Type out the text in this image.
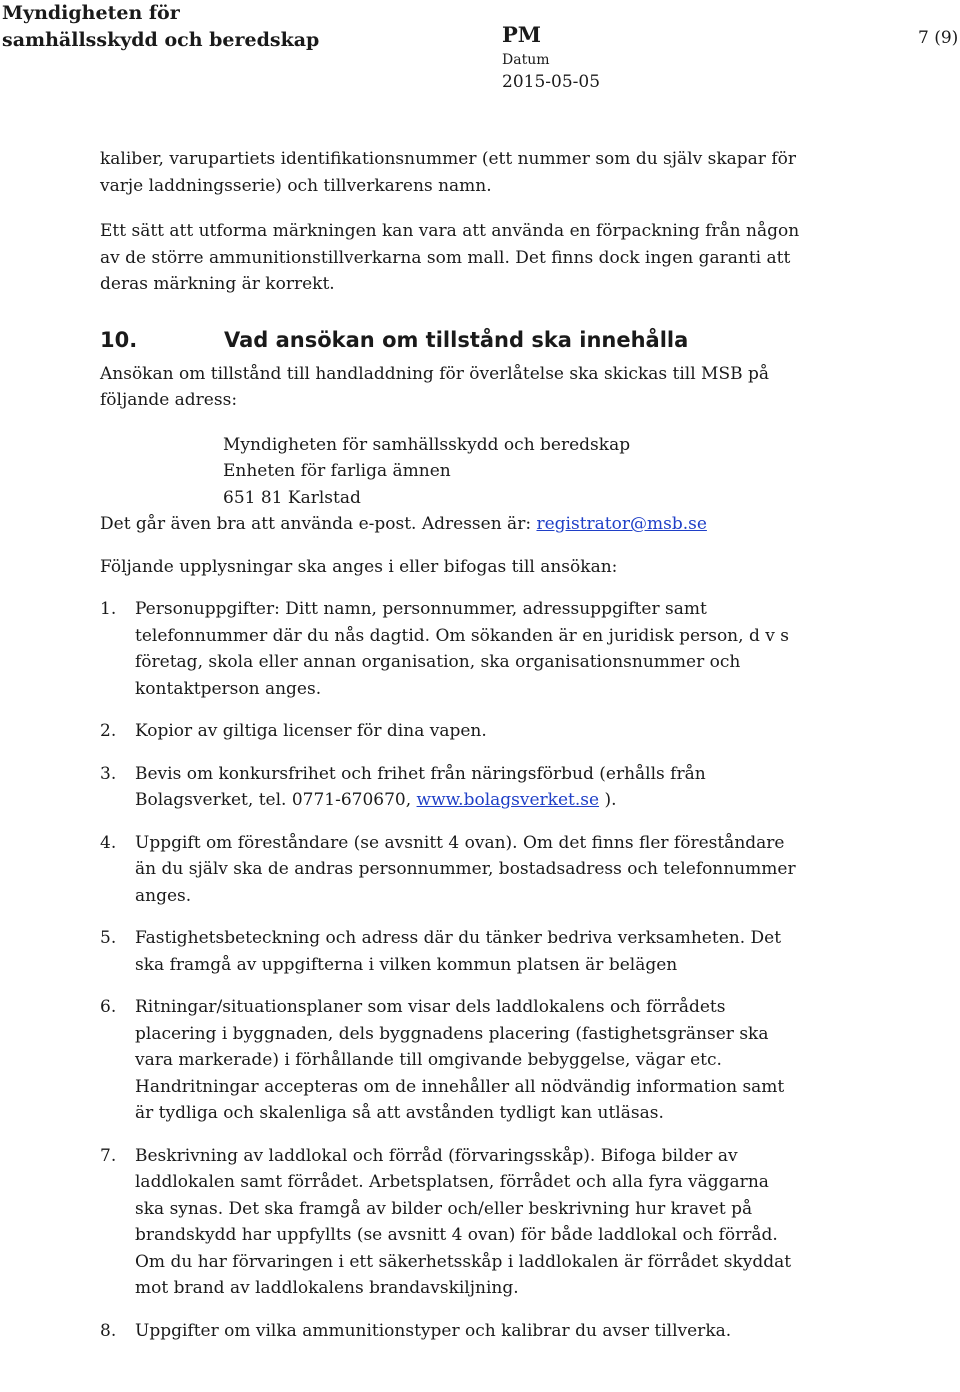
Myndigheten för
samhällsskydd och beredskap	PM
Datum
2015-05-05
7 (9)

kaliber, varupartiets identifikationsnummer (ett nummer som du själv skapar för varje laddningsserie) och tillverkarens namn.

Ett sätt att utforma märkningen kan vara att använda en förpackning från någon av de större ammunitionstillverkarna som mall. Det finns dock ingen garanti att deras märkning är korrekt.

10.	Vad ansökan om tillstånd ska innehålla

Ansökan om tillstånd till handladdning för överlåtelse ska skickas till MSB på följande adress:

Myndigheten för samhällsskydd och beredskap

Enheten för farliga ämnen

651 81 Karlstad

Det går även bra att använda e-post. Adressen är: registrator@msb.se

Följande upplysningar ska anges i eller bifogas till ansökan:

1.	Personuppgifter: Ditt namn, personnummer, adressuppgifter samt telefonnummer där du nås dagtid. Om sökanden är en juridisk person, d v s företag, skola eller annan organisation, ska organisationsnummer och kontaktperson anges.
2.	Kopior av giltiga licenser för dina vapen.
3.	Bevis om konkursfrihet och frihet från näringsförbud (erhålls från Bolagsverket, tel. 0771-670670, www.bolagsverket.se ).
4.	Uppgift om föreståndare (se avsnitt 4 ovan). Om det finns fler föreståndare än du själv ska de andras personnummer, bostadsadress och telefonnummer anges.
5.	Fastighetsbeteckning och adress där du tänker bedriva verksamheten. Det ska framgå av uppgifterna i vilken kommun platsen är belägen
6.	Ritningar/situationsplaner som visar dels laddlokalens och förrådets placering i byggnaden, dels byggnadens placering (fastighetsgränser ska vara markerade) i förhållande till omgivande bebyggelse, vägar etc. Handritningar accepteras om de innehåller all nödvändig information samt är tydliga och skalenliga så att avstånden tydligt kan utläsas.
7.	Beskrivning av laddlokal och förråd (förvaringsskåp). Bifoga bilder av laddlokalen samt förrådet. Arbetsplatsen, förrådet och alla fyra väggarna ska synas. Det ska framgå av bilder och/eller beskrivning hur kravet på brandskydd har uppfyllts (se avsnitt 4 ovan) för både laddlokal och förråd. Om du har förvaringen i ett säkerhetsskåp i laddlokalen är förrådet skyddat mot brand av laddlokalens brandavskiljning.
8.	Uppgifter om vilka ammunitionstyper och kalibrar du avser tillverka.
